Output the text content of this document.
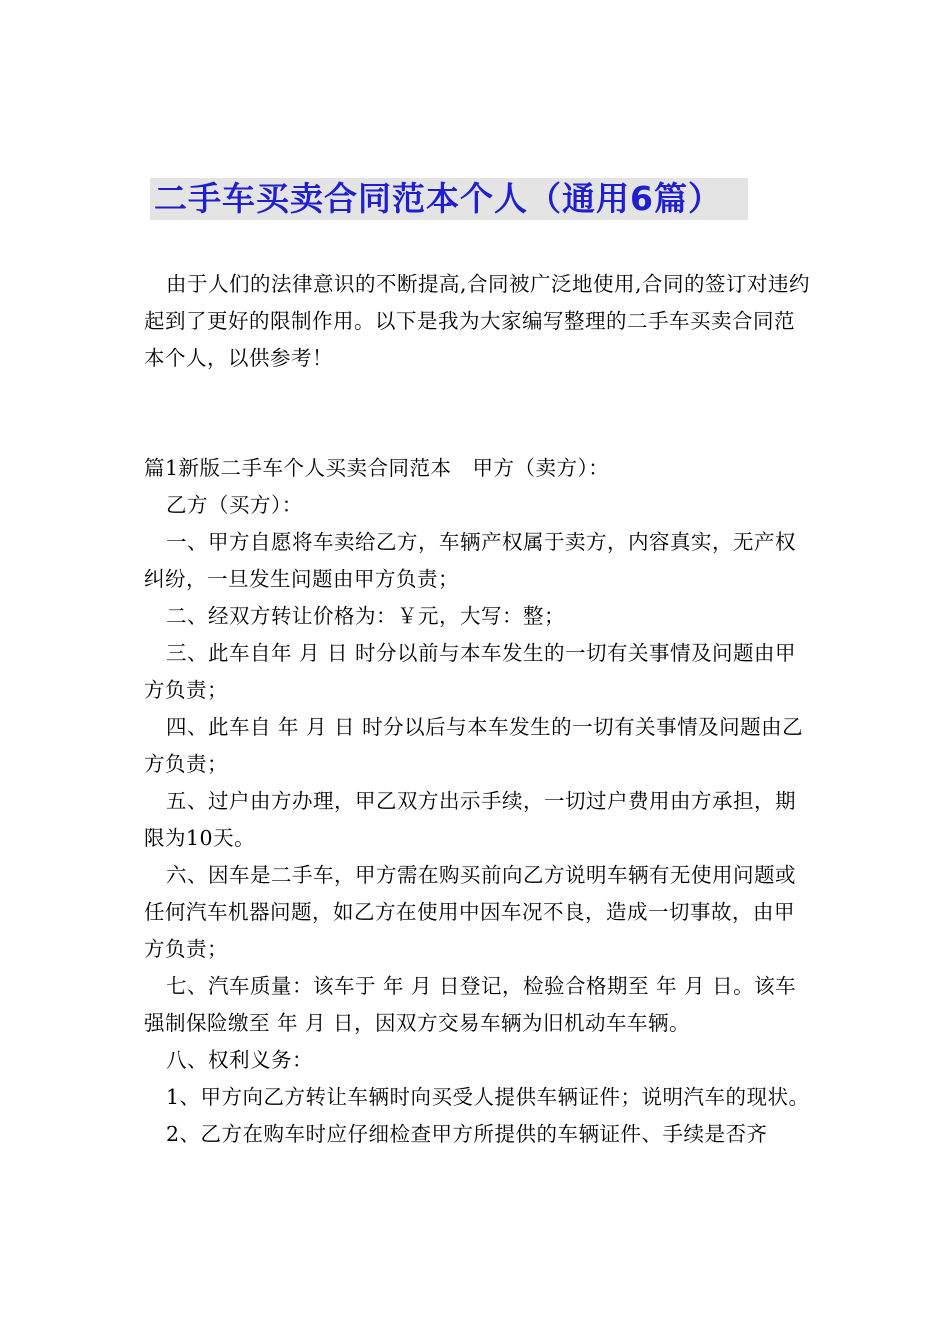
二手车买卖合同范本个人（通用6篇）

由于人们的法律意识的不断提高,合同被广泛地使用,合同的签订对违约起到了更好的限制作用。以下是我为大家编写整理的二手车买卖合同范本个人，以供参考！

篇1新版二手车个人买卖合同范本　甲方（卖方）：

乙方（买方）：

一、甲方自愿将车卖给乙方，车辆产权属于卖方，内容真实，无产权纠纷，一旦发生问题由甲方负责；

二、经双方转让价格为：￥元，大写：整；

三、此车自年 月 日 时分以前与本车发生的一切有关事情及问题由甲方负责；

四、此车自 年 月 日 时分以后与本车发生的一切有关事情及问题由乙方负责；

五、过户由方办理，甲乙双方出示手续，一切过户费用由方承担，期限为10天。

六、因车是二手车，甲方需在购买前向乙方说明车辆有无使用问题或任何汽车机器问题，如乙方在使用中因车况不良，造成一切事故，由甲方负责；

七、汽车质量：该车于 年 月 日登记，检验合格期至 年 月 日。该车强制保险缴至 年 月 日，因双方交易车辆为旧机动车车辆。

八、权利义务：

1、甲方向乙方转让车辆时向买受人提供车辆证件；说明汽车的现状。

2、乙方在购车时应仔细检查甲方所提供的车辆证件、手续是否齐
